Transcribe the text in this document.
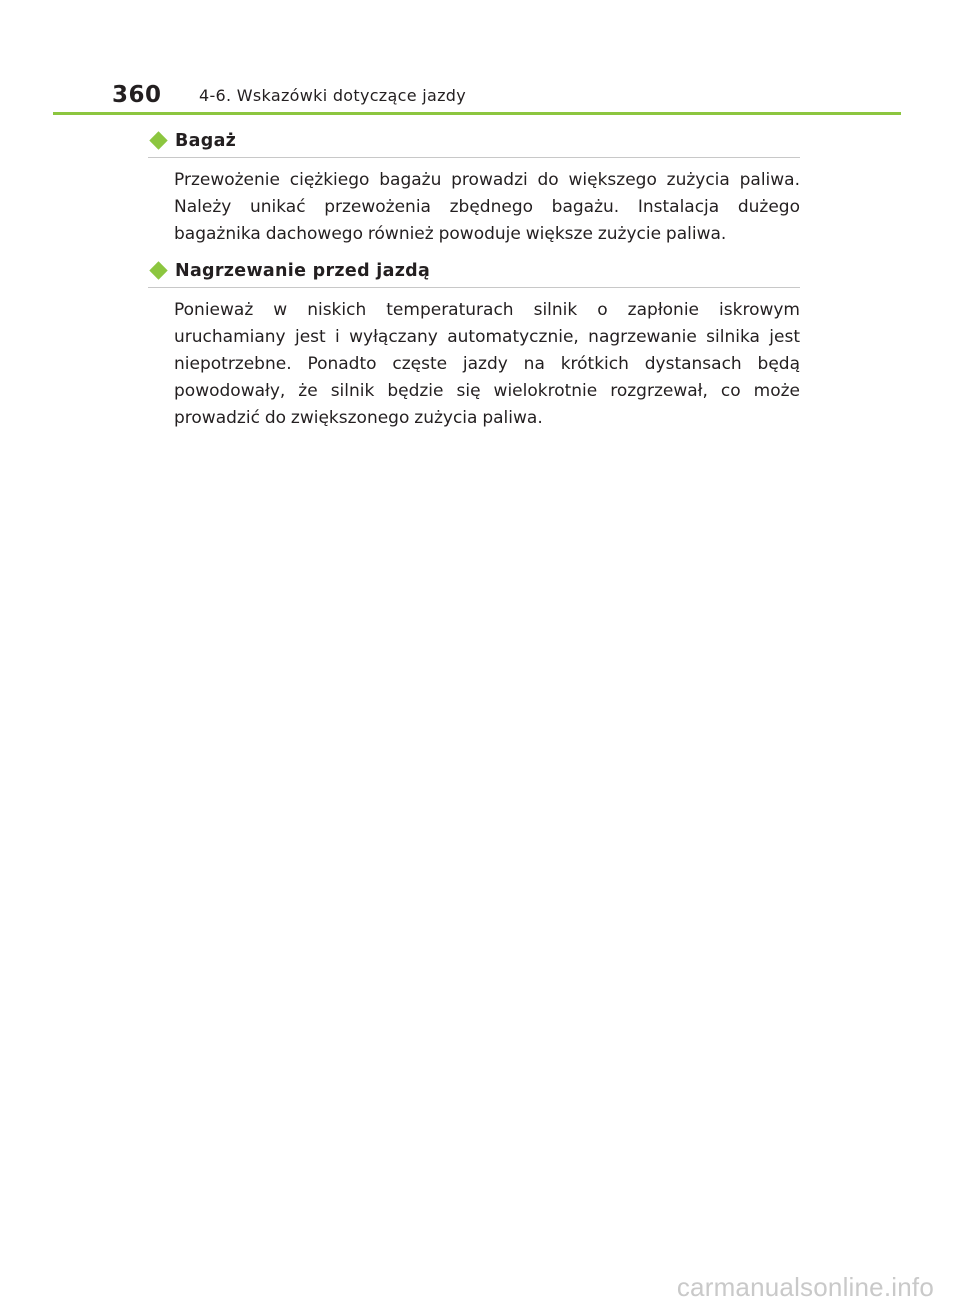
360 4-6. Wskazówki dotyczące jazdy
Bagaż

Przewożenie ciężkiego bagażu prowadzi do większego zużycia paliwa. Należy unikać przewożenia zbędnego bagażu. Instalacja dużego bagażnika dachowego również powoduje większe zużycie paliwa.

Nagrzewanie przed jazdą

Ponieważ w niskich temperaturach silnik o zapłonie iskrowym uruchamiany jest i wyłączany automatycznie, nagrzewanie silnika jest niepotrzebne. Ponadto częste jazdy na krótkich dystansach będą powodowały, że silnik będzie się wielokrotnie rozgrzewał, co może prowadzić do zwiększonego zużycia paliwa.

carmanualsonline.info
